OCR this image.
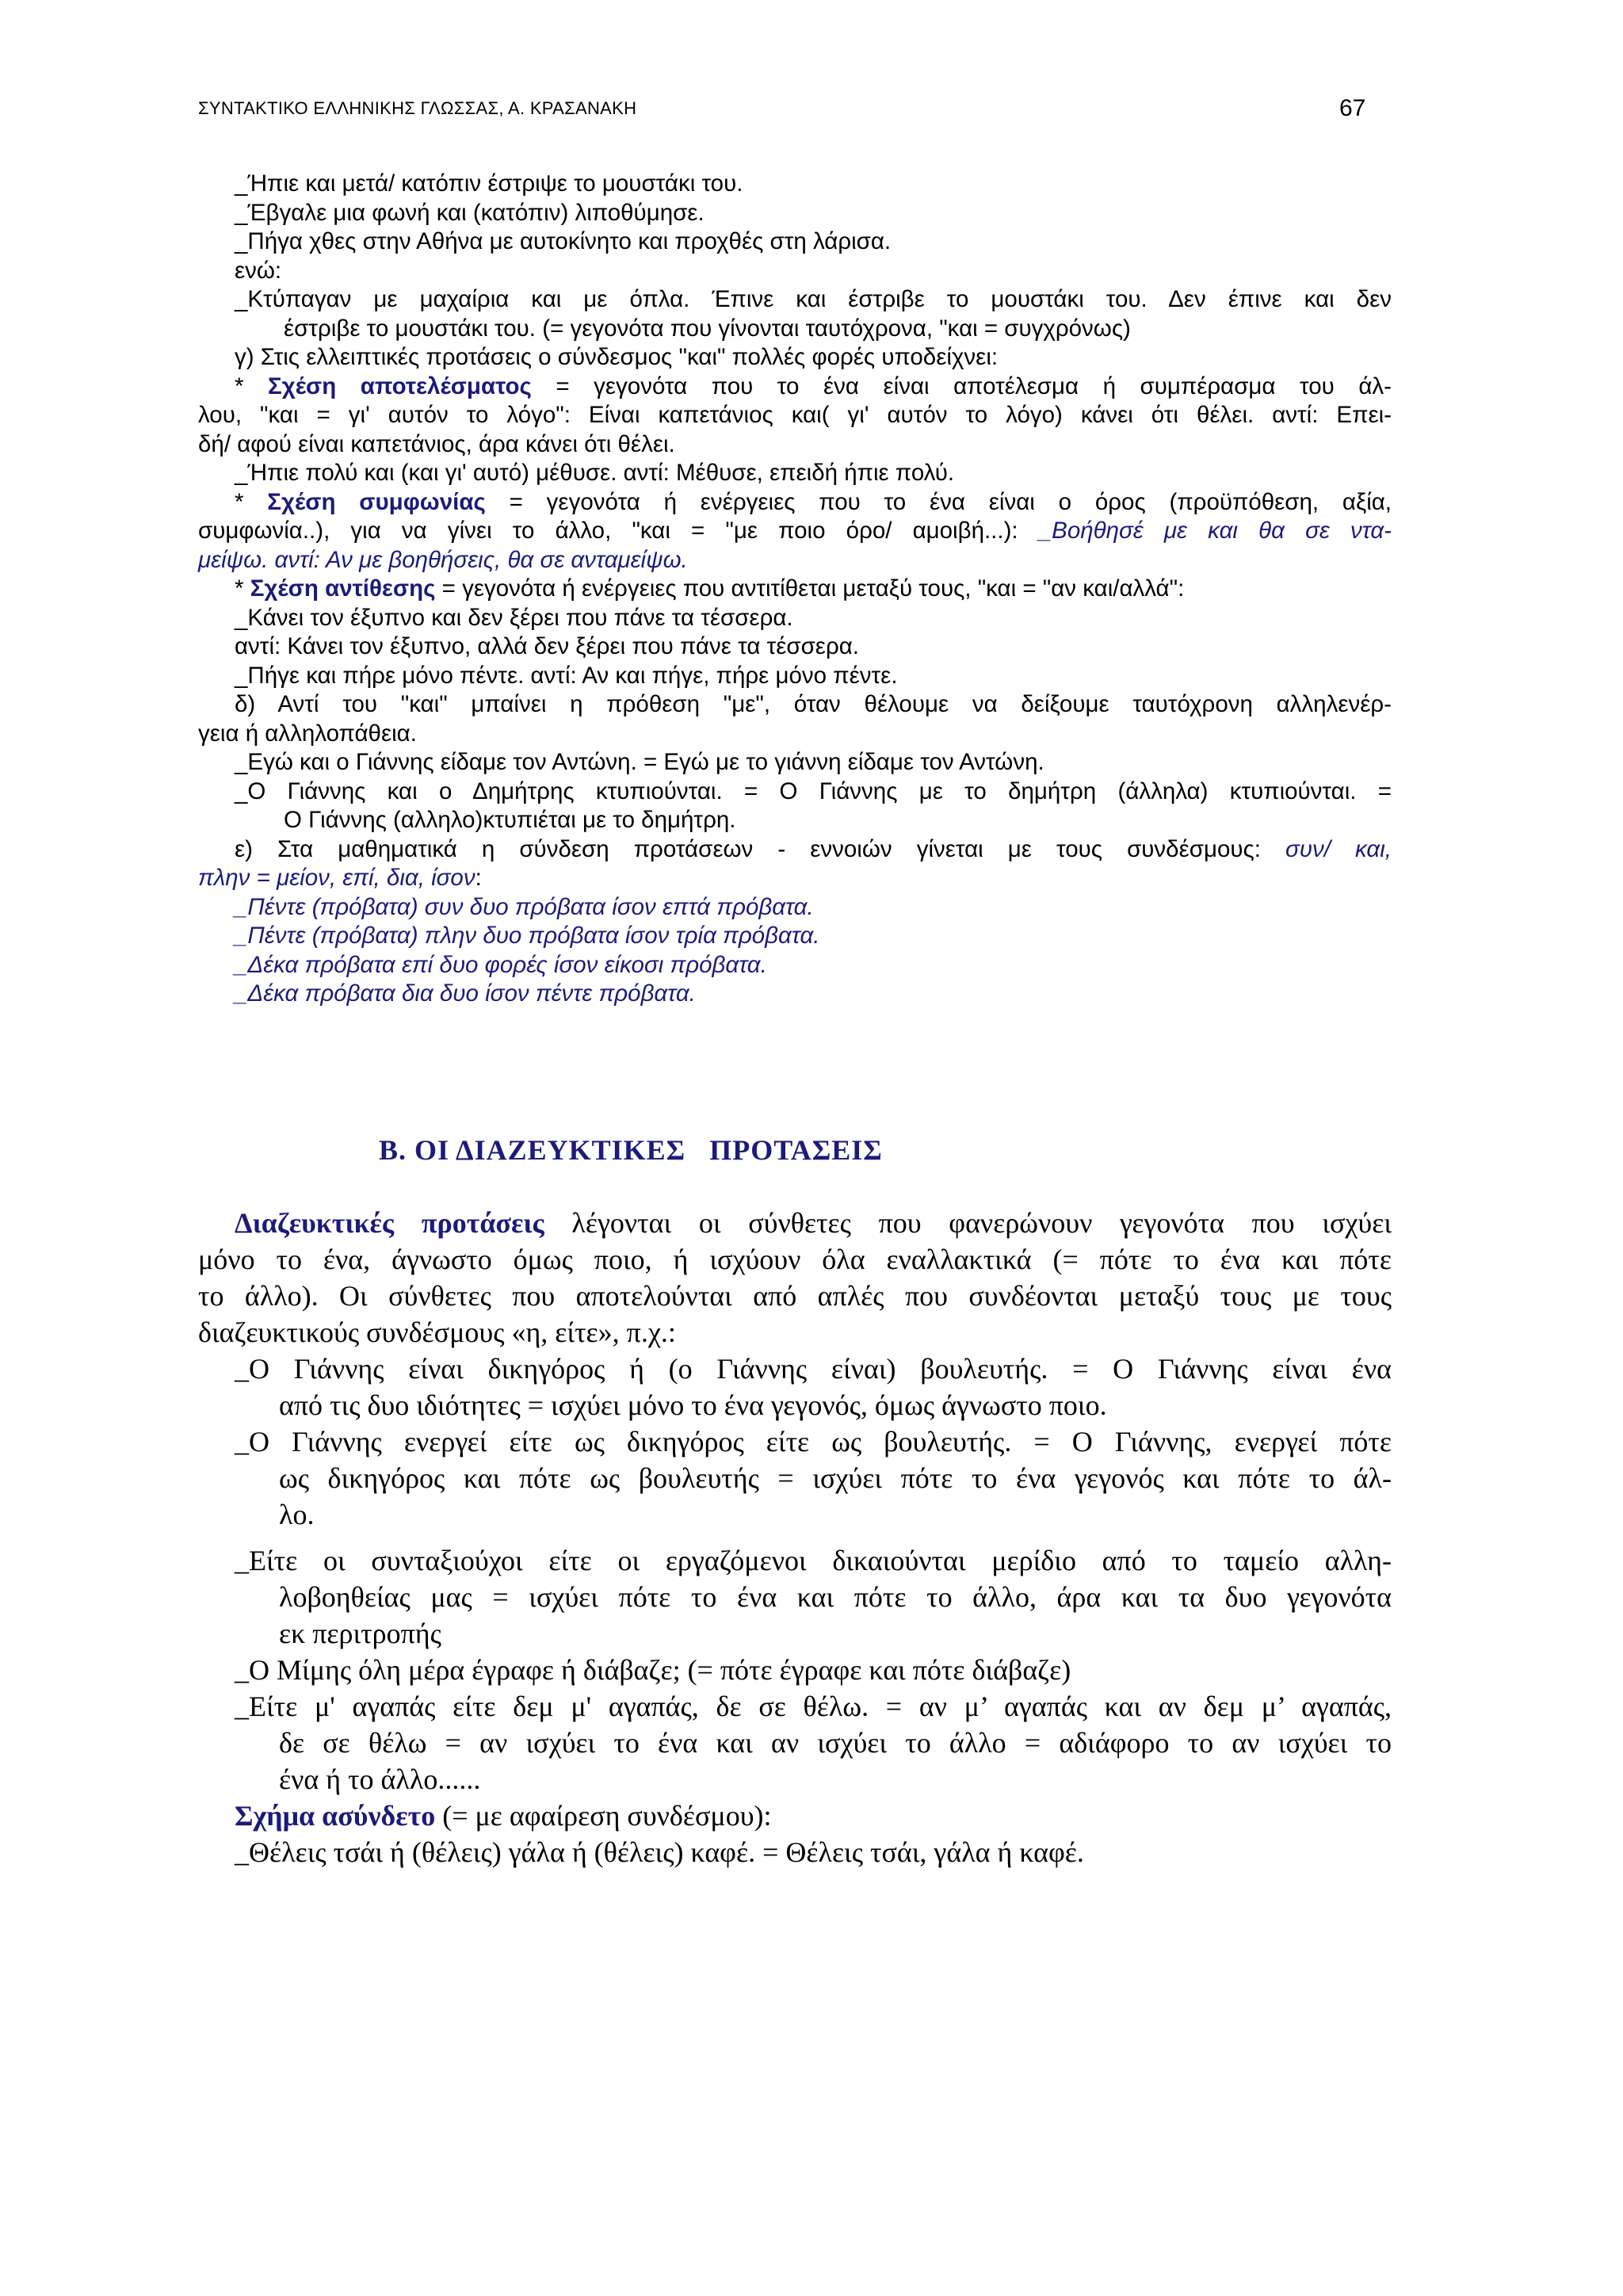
ΣΥΝΤΑΚΤΙΚΟ ΕΛΛΗΝΙΚΗΣ ΓΛΩΣΣΑΣ, Α. ΚΡΑΣΑΝΑΚΗ	67
_Ήπιε και μετά/ κατόπιν έστριψε το μουστάκι του.
_Έβγαλε μια φωνή και (κατόπιν) λιποθύμησε.
_Πήγα χθες στην Αθήνα με αυτοκίνητο και προχθές στη λάρισα.
ενώ:
_Κτύπαγαν με μαχαίρια και με όπλα. Έπινε και έστριβε το μουστάκι του. Δεν έπινε και δεν
έστριβε το μουστάκι του. (= γεγονότα που γίνονται ταυτόχρονα, "και = συγχρόνως)
γ) Στις ελλειπτικές προτάσεις ο σύνδεσμος "και" πολλές φορές υποδείχνει:
* Σχέση αποτελέσματος = γεγονότα που το ένα είναι αποτέλεσμα ή συμπέρασμα του άλ-
λου, "και = γι' αυτόν το λόγο": Είναι καπετάνιος και( γι' αυτόν το λόγο) κάνει ότι θέλει. αντί: Επει-
δή/ αφού είναι καπετάνιος, άρα κάνει ότι θέλει.
_Ήπιε πολύ και (και γι' αυτό) μέθυσε. αντί: Μέθυσε, επειδή ήπιε πολύ.
* Σχέση συμφωνίας = γεγονότα ή ενέργειες που το ένα είναι ο όρος (προϋπόθεση, αξία,
συμφωνία..), για να γίνει το άλλο, "και = "με ποιο όρο/ αμοιβή...): _Βοήθησέ με και θα σε ντα-
μείψω. αντί: Αν με βοηθήσεις, θα σε ανταμείψω.
* Σχέση αντίθεσης = γεγονότα ή ενέργειες που αντιτίθεται μεταξύ τους, "και = "αν και/αλλά":
_Κάνει τον έξυπνο και δεν ξέρει που πάνε τα τέσσερα.
αντί: Κάνει τον έξυπνο, αλλά δεν ξέρει που πάνε τα τέσσερα.
_Πήγε και πήρε μόνο πέντε. αντί: Αν και πήγε, πήρε μόνο πέντε.
δ) Αντί του "και" μπαίνει η πρόθεση "με", όταν θέλουμε να δείξουμε ταυτόχρονη αλληλενέρ-
γεια ή αλληλοπάθεια.
_Εγώ και ο Γιάννης είδαμε τον Αντώνη. = Εγώ με το γιάννη είδαμε τον Αντώνη.
_Ο Γιάννης και ο Δημήτρης κτυπιούνται. = Ο Γιάννης με το δημήτρη (άλληλα) κτυπιούνται. =
Ο Γιάννης (αλληλο)κτυπιέται με το δημήτρη.
ε) Στα μαθηματικά η σύνδεση προτάσεων - εννοιών γίνεται με τους συνδέσμους: συν/ και,
πλην = μείον, επί, δια, ίσον:
_Πέντε (πρόβατα) συν δυο πρόβατα ίσον επτά πρόβατα.
_Πέντε (πρόβατα) πλην δυο πρόβατα ίσον τρία πρόβατα.
_Δέκα πρόβατα επί δυο φορές ίσον είκοσι πρόβατα.
_Δέκα πρόβατα δια δυο ίσον πέντε πρόβατα.
Β. ΟΙ ΔΙΑΖΕΥΚΤΙΚΕΣ   ΠΡΟΤΑΣΕΙΣ
Διαζευκτικές προτάσεις λέγονται οι σύνθετες που φανερώνουν γεγονότα που ισχύει
μόνο το ένα, άγνωστο όμως ποιο, ή ισχύουν όλα εναλλακτικά (= πότε το ένα και πότε
το άλλο). Οι σύνθετες που αποτελούνται από απλές που συνδέονται μεταξύ τους με τους
διαζευκτικούς συνδέσμους «η, είτε», π.χ.:
_Ο Γιάννης είναι δικηγόρος ή (ο Γιάννης είναι) βουλευτής. = Ο Γιάννης είναι ένα
από τις δυο ιδιότητες = ισχύει μόνο το ένα γεγονός, όμως άγνωστο ποιο.
_Ο Γιάννης ενεργεί είτε ως δικηγόρος είτε ως βουλευτής. = Ο Γιάννης, ενεργεί πότε
ως δικηγόρος και πότε ως βουλευτής = ισχύει πότε το ένα γεγονός και πότε το άλ-
λο.
_Είτε οι συνταξιούχοι είτε οι εργαζόμενοι δικαιούνται μερίδιο από το ταμείο αλλη-
λοβοηθείας μας = ισχύει πότε το ένα και πότε το άλλο, άρα και τα δυο γεγονότα
εκ περιτροπής
_Ο Μίμης όλη μέρα έγραφε ή διάβαζε; (= πότε έγραφε και πότε διάβαζε)
_Είτε μ' αγαπάς είτε δεμ μ' αγαπάς, δε σε θέλω. = αν μ’ αγαπάς και αν δεμ μ’ αγαπάς,
δε σε θέλω = αν ισχύει το ένα και αν ισχύει το άλλο = αδιάφορο το αν ισχύει το
ένα ή το άλλο......
Σχήμα ασύνδετο (= με αφαίρεση συνδέσμου):
_Θέλεις τσάι ή (θέλεις) γάλα ή (θέλεις) καφέ. = Θέλεις τσάι, γάλα ή καφέ.
